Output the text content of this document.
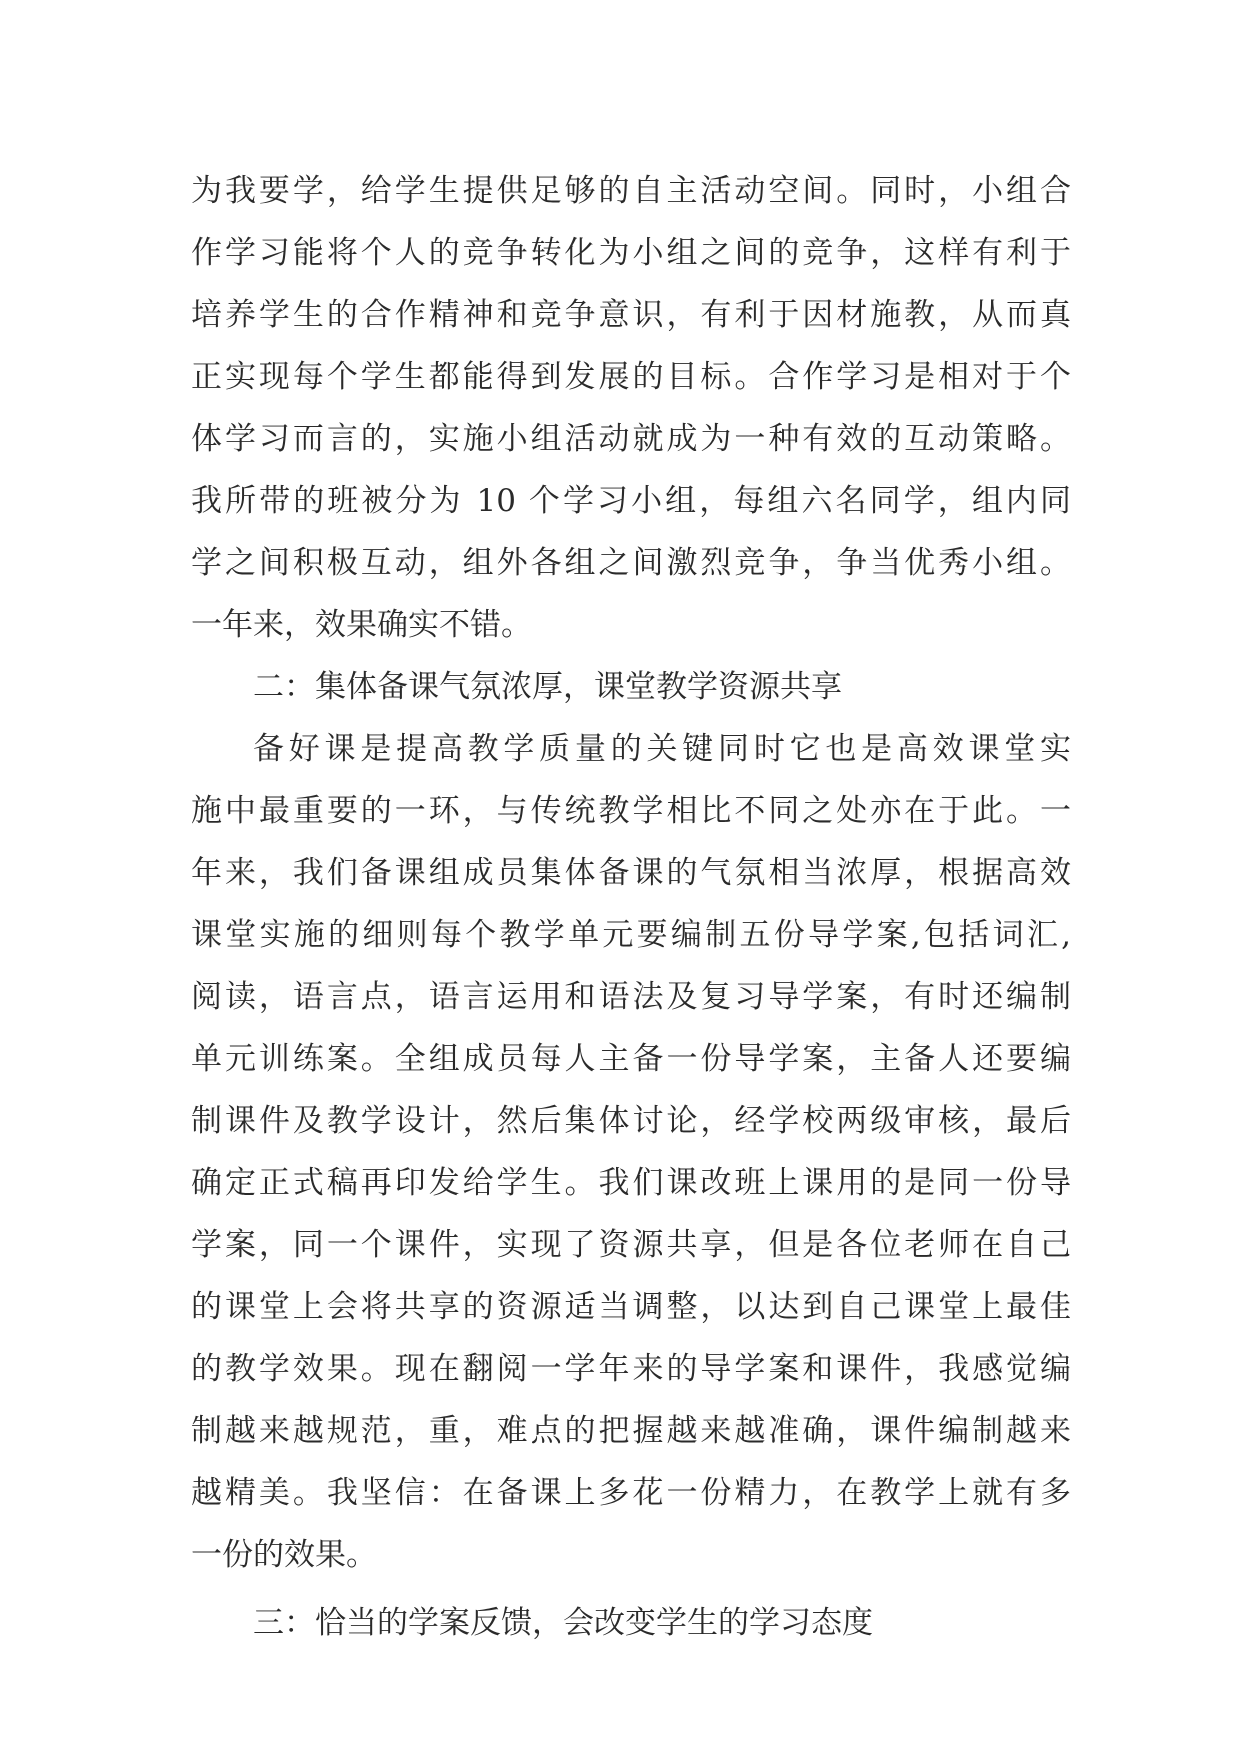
为我要学，给学生提供足够的自主活动空间。同时，小组合
作学习能将个人的竞争转化为小组之间的竞争，这样有利于
培养学生的合作精神和竞争意识，有利于因材施教，从而真
正实现每个学生都能得到发展的目标。合作学习是相对于个
体学习而言的，实施小组活动就成为一种有效的互动策略。
我所带的班被分为 10 个学习小组，每组六名同学，组内同
学之间积极互动，组外各组之间激烈竞争，争当优秀小组。
一年来，效果确实不错。
二：集体备课气氛浓厚，课堂教学资源共享
备好课是提高教学质量的关键同时它也是高效课堂实
施中最重要的一环，与传统教学相比不同之处亦在于此。一
年来，我们备课组成员集体备课的气氛相当浓厚，根据高效
课堂实施的细则每个教学单元要编制五份导学案,包括词汇,
阅读，语言点，语言运用和语法及复习导学案，有时还编制
单元训练案。全组成员每人主备一份导学案，主备人还要编
制课件及教学设计，然后集体讨论，经学校两级审核，最后
确定正式稿再印发给学生。我们课改班上课用的是同一份导
学案，同一个课件，实现了资源共享，但是各位老师在自己
的课堂上会将共享的资源适当调整，以达到自己课堂上最佳
的教学效果。现在翻阅一学年来的导学案和课件，我感觉编
制越来越规范，重，难点的把握越来越准确，课件编制越来
越精美。我坚信：在备课上多花一份精力，在教学上就有多
一份的效果。
三：恰当的学案反馈，会改变学生的学习态度
